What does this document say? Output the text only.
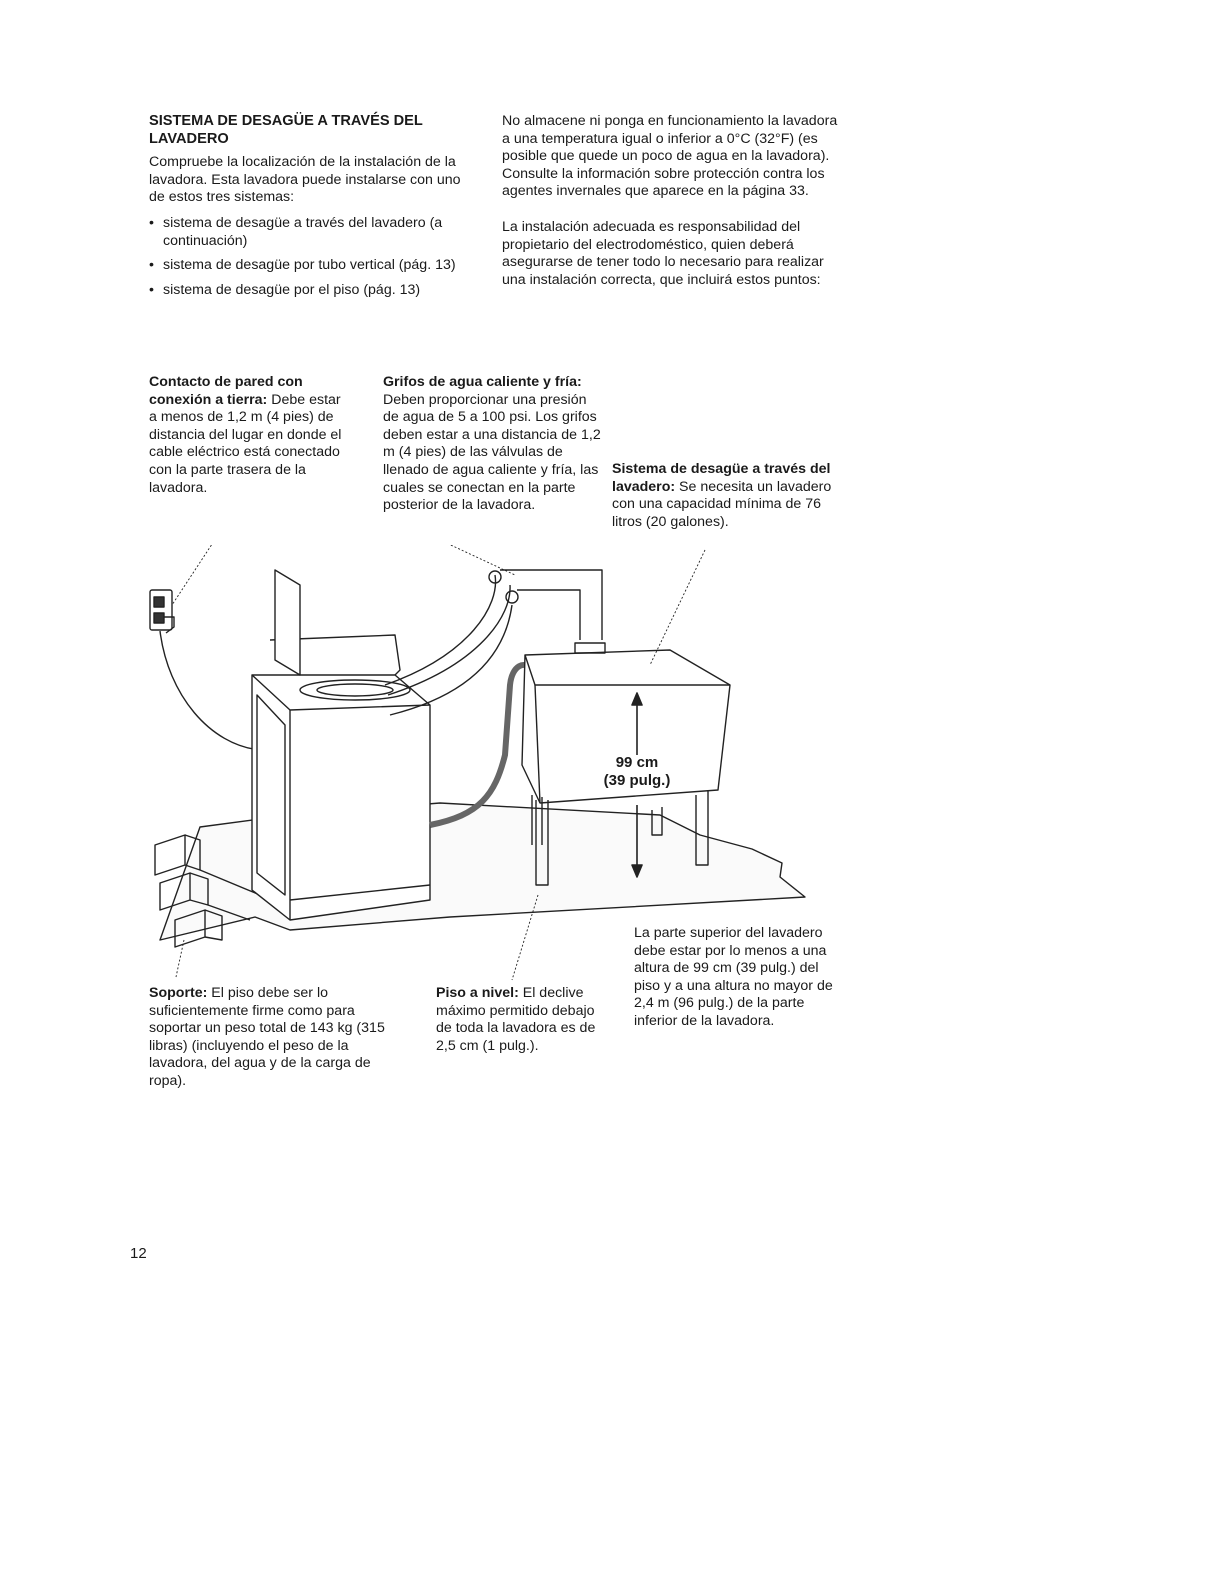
SISTEMA DE DESAGÜE A TRAVÉS DEL LAVADERO

Compruebe la localización de la instalación de la lavadora. Esta lavadora puede instalarse con uno de estos tres sistemas:

• sistema de desagüe a través del lavadero (a continuación)
• sistema de desagüe por tubo vertical (pág. 13)
• sistema de desagüe por el piso (pág. 13)

No almacene ni ponga en funcionamiento la lavadora a una temperatura igual o inferior a 0°C (32°F) (es posible que quede un poco de agua en la lavadora). Consulte la información sobre protección contra los agentes invernales que aparece en la página 33.

La instalación adecuada es responsabilidad del propietario del electrodoméstico, quien deberá asegurarse de tener todo lo necesario para realizar una instalación correcta, que incluirá estos puntos:

Contacto de pared con conexión a tierra: Debe estar a menos de 1,2 m (4 pies) de distancia del lugar en donde el cable eléctrico está conectado con la parte trasera de la lavadora.
Grifos de agua caliente y fría: Deben proporcionar una presión de agua de 5 a 100 psi. Los grifos deben estar a una distancia de 1,2 m (4 pies) de las válvulas de llenado de agua caliente y fría, las cuales se conectan en la parte posterior de la lavadora.
Sistema de desagüe a través del lavadero: Se necesita un lavadero con una capacidad mínima de 76 litros (20 galones).
99 cm
(39 pulg.)
Soporte: El piso debe ser lo suficientemente firme como para soportar un peso total de 143 kg (315 libras) (incluyendo el peso de la lavadora, del agua y de la carga de ropa).
Piso a nivel: El declive máximo permitido debajo de toda la lavadora es de 2,5 cm (1 pulg.).
La parte superior del lavadero debe estar por lo menos a una altura de 99 cm (39 pulg.) del piso y a una altura no mayor de 2,4 m (96 pulg.) de la parte inferior de la lavadora.
12
